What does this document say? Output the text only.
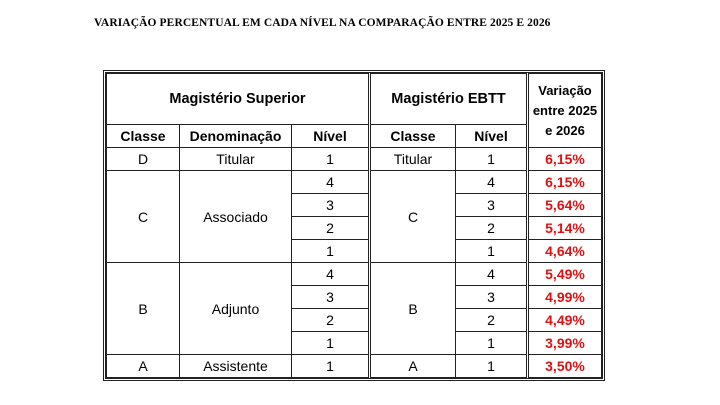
VARIAÇÃO PERCENTUAL EM CADA NÍVEL NA COMPARAÇÃO ENTRE 2025 E 2026
Magistério Superior			Magistério EBTT		Variação entre 2025 e 2026
Classe	Denominação	Nível	Classe	Nível	
D	Titular	1	Titular	1	6,15%
C	Associado	4	C	4	6,15%
		3		3	5,64%
		2		2	5,14%
		1		1	4,64%
B	Adjunto	4	B	4	5,49%
		3		3	4,99%
		2		2	4,49%
		1		1	3,99%
A	Assistente	1	A	1	3,50%
